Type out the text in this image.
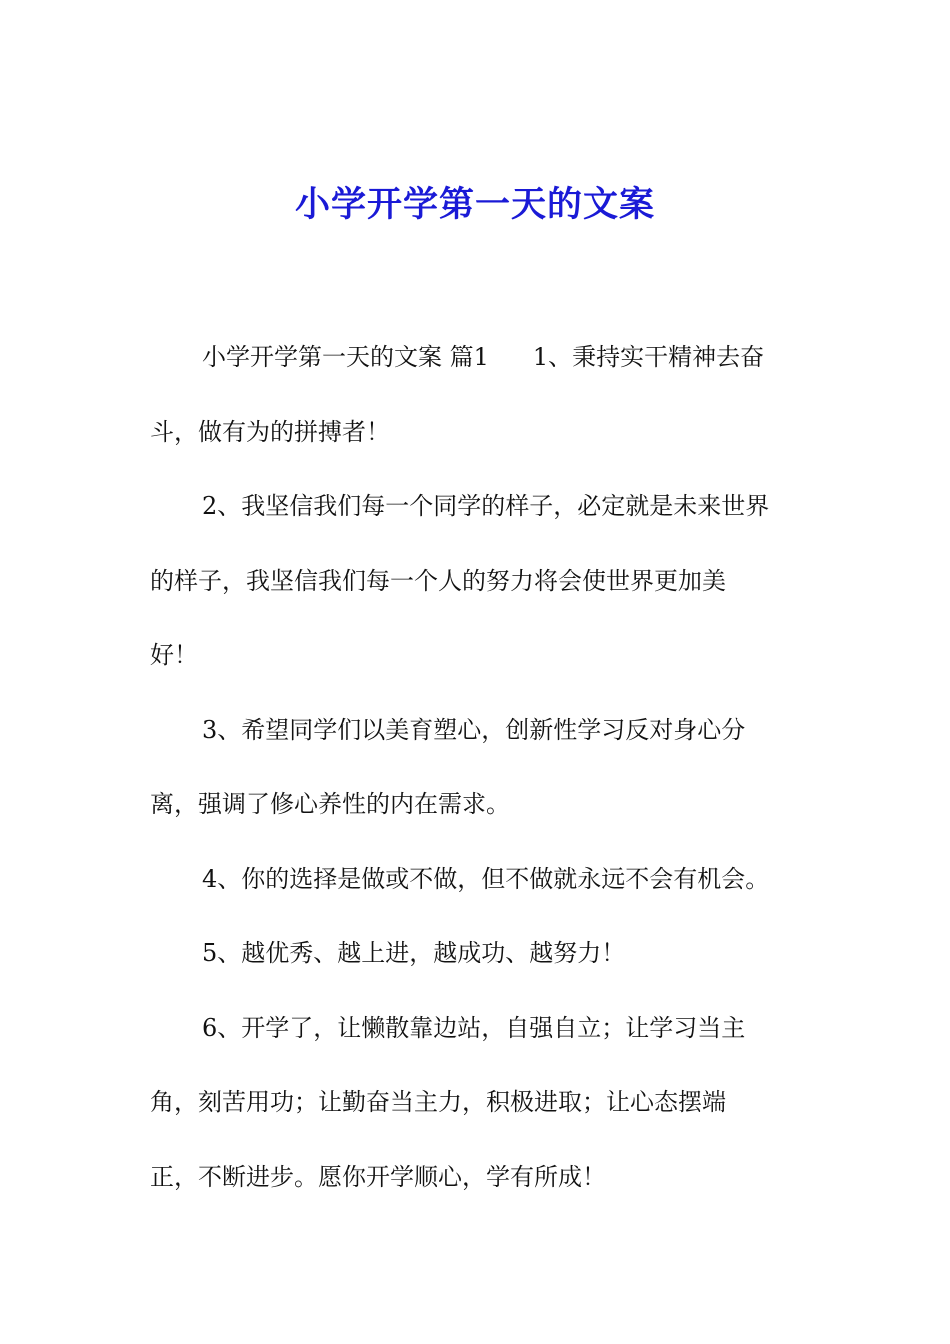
小学开学第一天的文案
小学开学第一天的文案 篇1 1、秉持实干精神去奋
斗，做有为的拼搏者！
2、我坚信我们每一个同学的样子，必定就是未来世界
的样子，我坚信我们每一个人的努力将会使世界更加美
好！
3、希望同学们以美育塑心，创新性学习反对身心分
离，强调了修心养性的内在需求。
4、你的选择是做或不做，但不做就永远不会有机会。
5、越优秀、越上进，越成功、越努力！
6、开学了，让懒散靠边站，自强自立；让学习当主
角，刻苦用功；让勤奋当主力，积极进取；让心态摆端
正，不断进步。愿你开学顺心，学有所成！
